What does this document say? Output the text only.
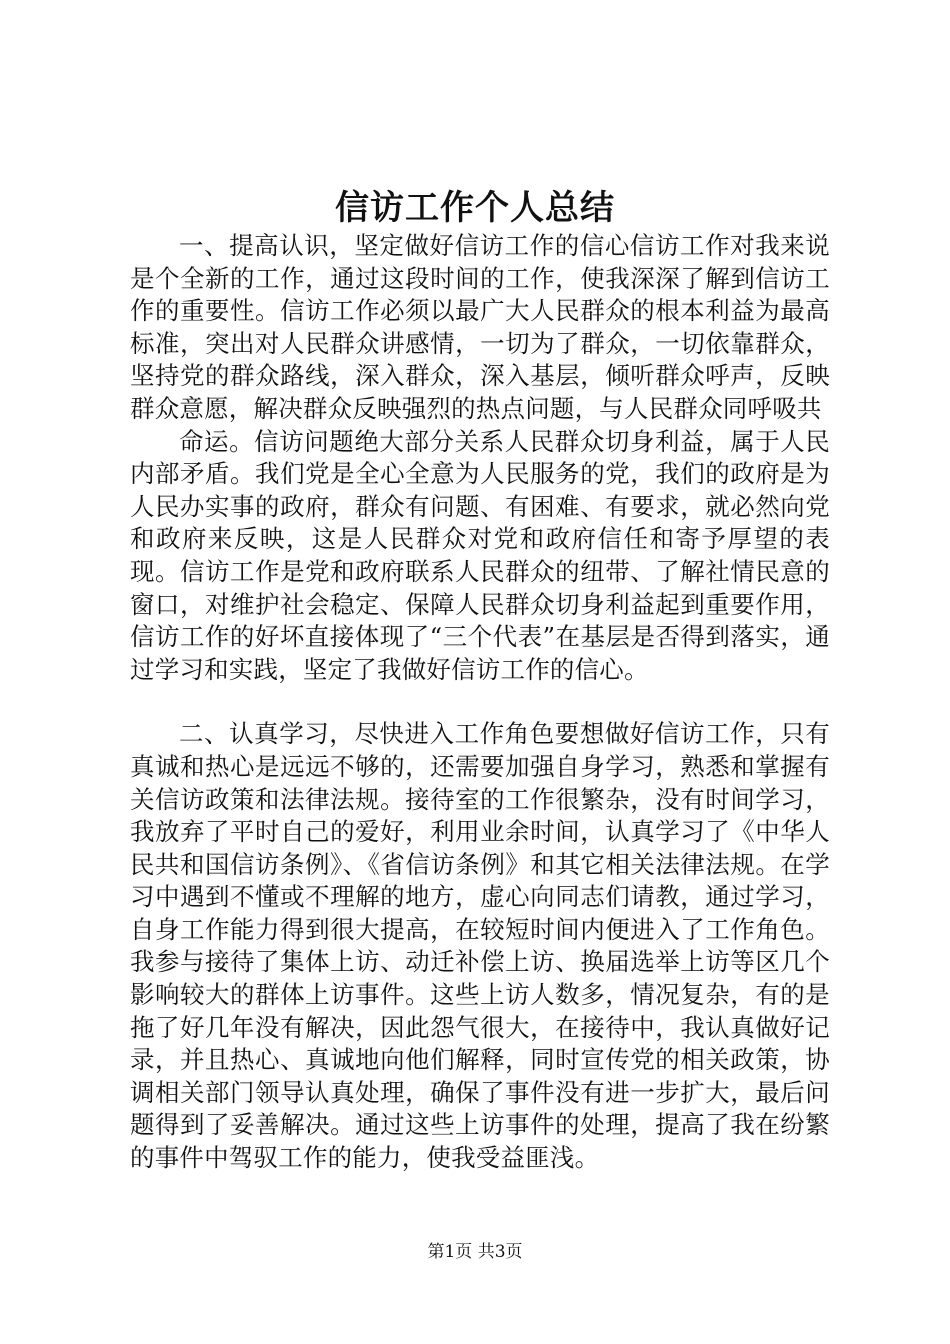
信访工作个人总结

一、提高认识，坚定做好信访工作的信心信访工作对我来说是个全新的工作，通过这段时间的工作，使我深深了解到信访工作的重要性。信访工作必须以最广大人民群众的根本利益为最高标准，突出对人民群众讲感情，一切为了群众，一切依靠群众，坚持党的群众路线，深入群众，深入基层，倾听群众呼声，反映群众意愿，解决群众反映强烈的热点问题，与人民群众同呼吸共

命运。信访问题绝大部分关系人民群众切身利益，属于人民内部矛盾。我们党是全心全意为人民服务的党，我们的政府是为人民办实事的政府，群众有问题、有困难、有要求，就必然向党和政府来反映，这是人民群众对党和政府信任和寄予厚望的表现。信访工作是党和政府联系人民群众的纽带、了解社情民意的窗口，对维护社会稳定、保障人民群众切身利益起到重要作用，信访工作的好坏直接体现了“三个代表”在基层是否得到落实，通过学习和实践，坚定了我做好信访工作的信心。

二、认真学习，尽快进入工作角色要想做好信访工作，只有真诚和热心是远远不够的，还需要加强自身学习，熟悉和掌握有关信访政策和法律法规。接待室的工作很繁杂，没有时间学习，我放弃了平时自己的爱好，利用业余时间，认真学习了《中华人民共和国信访条例》、《省信访条例》和其它相关法律法规。在学习中遇到不懂或不理解的地方，虚心向同志们请教，通过学习，自身工作能力得到很大提高，在较短时间内便进入了工作角色。我参与接待了集体上访、动迁补偿上访、换届选举上访等区几个影响较大的群体上访事件。这些上访人数多，情况复杂，有的是拖了好几年没有解决，因此怨气很大，在接待中，我认真做好记录，并且热心、真诚地向他们解释，同时宣传党的相关政策，协调相关部门领导认真处理，确保了事件没有进一步扩大，最后问题得到了妥善解决。通过这些上访事件的处理，提高了我在纷繁的事件中驾驭工作的能力，使我受益匪浅。

第1页 共3页
